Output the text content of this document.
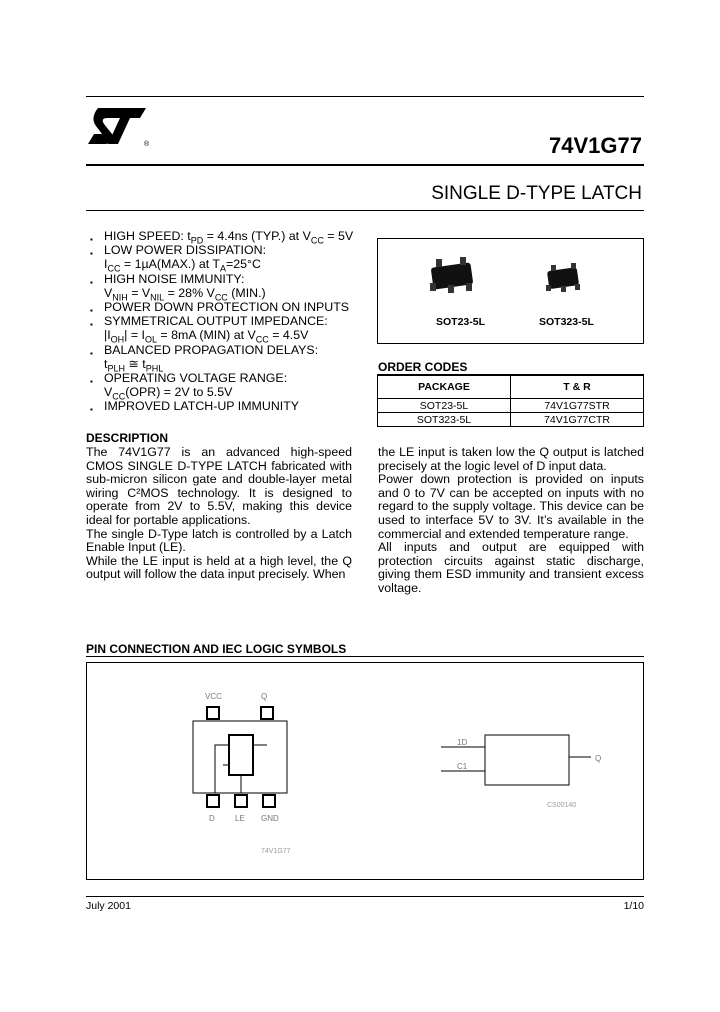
®	74V1G77
SINGLE D-TYPE LATCH
▪ HIGH SPEED: $t_{PD} = 4.4ns$ (TYP.) at $V_{CC} = 5V$
▪ LOW POWER DISSIPATION:
$I_{CC} = 1\mu A(MAX.)$ at $T_A=25^\circ C$
▪ HIGH NOISE IMMUNITY:
$V_{NIH} = V_{NIL} = 28\%$ $V_{CC}$ (MIN.)
▪ POWER DOWN PROTECTION ON INPUTS
▪ SYMMETRICAL OUTPUT IMPEDANCE:
$|I_{OH}| = I_{OL} = 8mA$ (MIN) at $V_{CC} = 4.5V$
▪ BALANCED PROPAGATION DELAYS:
$t_{PLH}$ ≅ $t_{PHL}$
▪ OPERATING VOLTAGE RANGE:
$V_{CC}(OPR) = 2V$ to 5.5V
▪ IMPROVED LATCH-UP IMMUNITY
SOT23-5L	SOT323-5L
ORDER CODES
PACKAGE	T & R
SOT23-5L	74V1G77STR
SOT323-5L	74V1G77CTR
DESCRIPTION
The 74V1G77 is an advanced high-speed CMOS SINGLE D-TYPE LATCH fabricated with sub-micron silicon gate and double-layer metal wiring C²MOS technology. It is designed to operate from 2V to 5.5V, making this device ideal for portable applications.
The single D-Type latch is controlled by a Latch Enable Input (LE).
While the LE input is held at a high level, the Q output will follow the data input precisely. When
the LE input is taken low the Q output is latched precisely at the logic level of D input data.
Power down protection is provided on inputs and 0 to 7V can be accepted on inputs with no regard to the supply voltage. This device can be used to interface 5V to 3V. It’s available in the commercial and extended temperature range.
All inputs and output are equipped with protection circuits against static discharge, giving them ESD immunity and transient excess voltage.
PIN CONNECTION AND IEC LOGIC SYMBOLS
VCC	Q
D	LE GND
74V1G77
1D
C1
Q
CS00140
July 2001	1/10
